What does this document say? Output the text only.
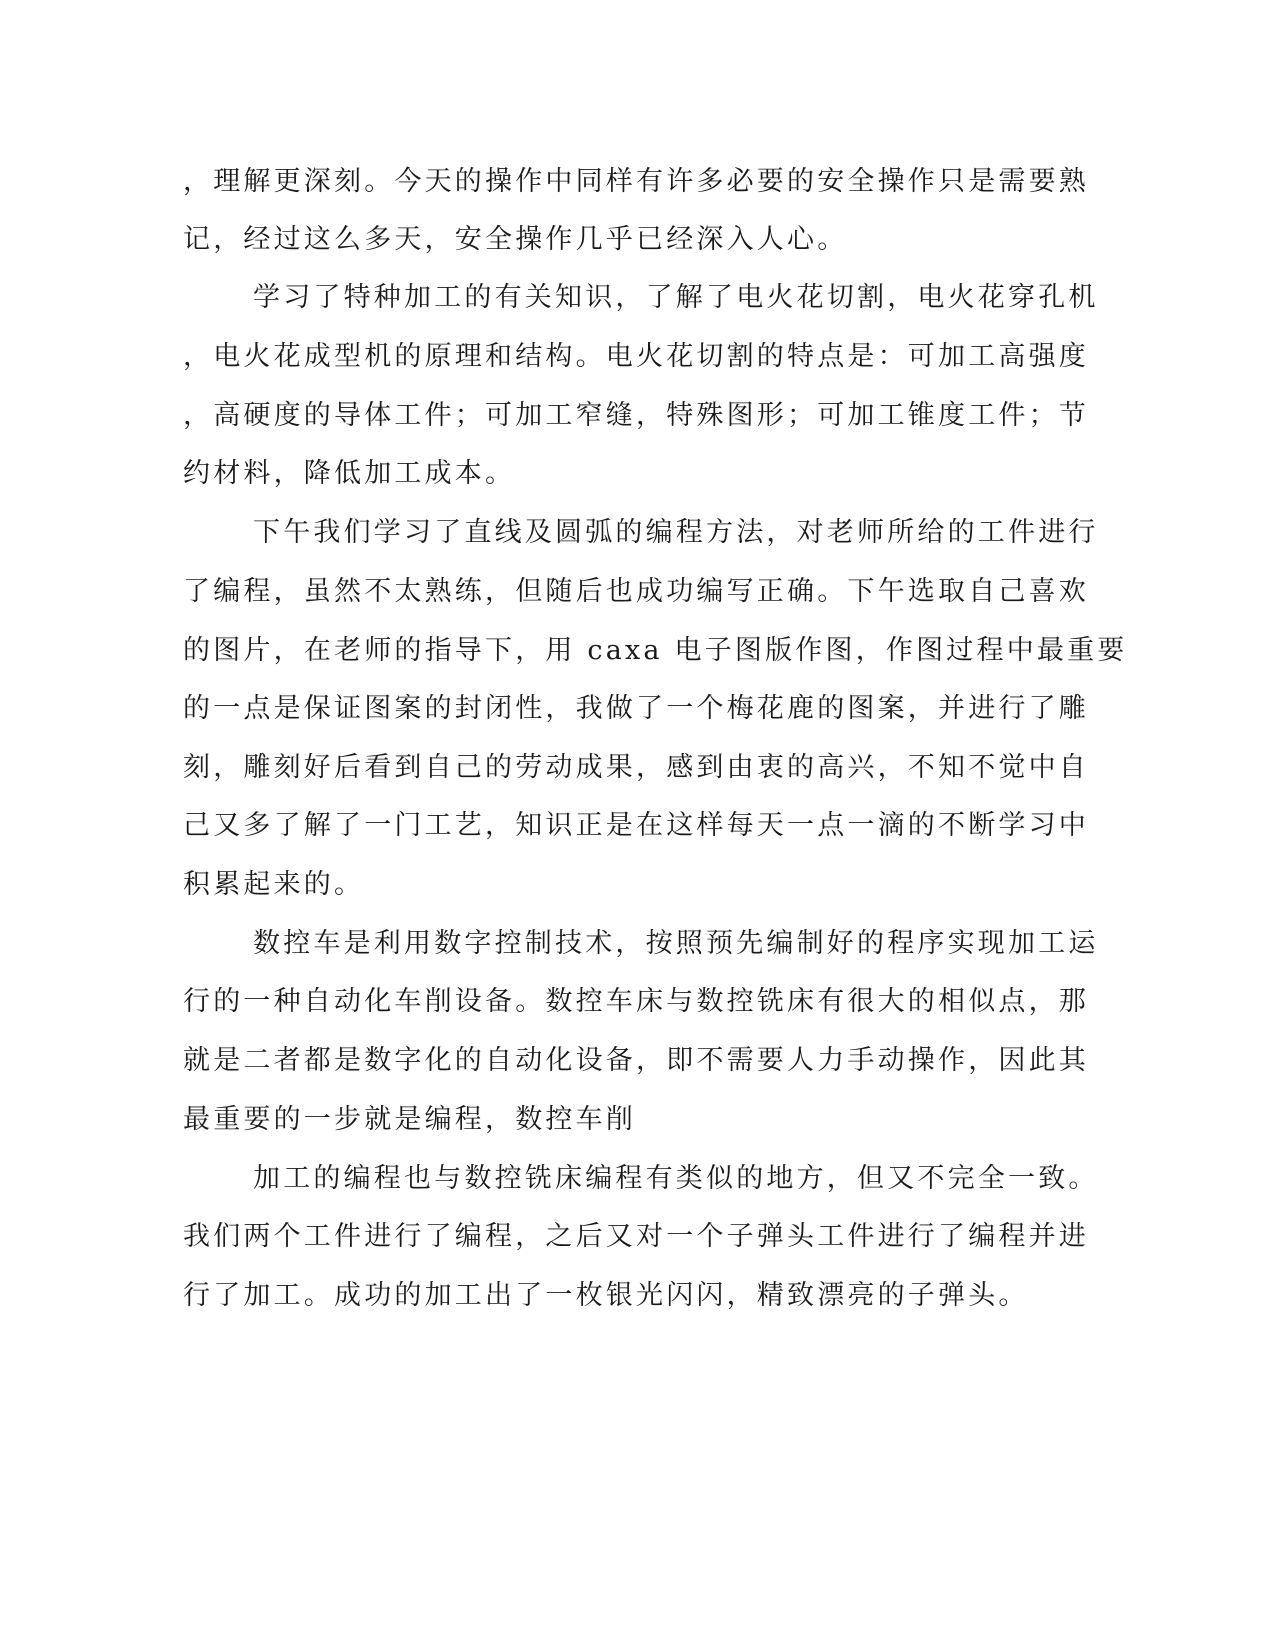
，理解更深刻。今天的操作中同样有许多必要的安全操作只是需要熟
记，经过这么多天，安全操作几乎已经深入人心。
学习了特种加工的有关知识，了解了电火花切割，电火花穿孔机
，电火花成型机的原理和结构。电火花切割的特点是：可加工高强度
，高硬度的导体工件；可加工窄缝，特殊图形；可加工锥度工件；节
约材料，降低加工成本。
下午我们学习了直线及圆弧的编程方法，对老师所给的工件进行
了编程，虽然不太熟练，但随后也成功编写正确。下午选取自己喜欢
的图片，在老师的指导下，用 caxa 电子图版作图，作图过程中最重要
的一点是保证图案的封闭性，我做了一个梅花鹿的图案，并进行了雕
刻，雕刻好后看到自己的劳动成果，感到由衷的高兴，不知不觉中自
己又多了解了一门工艺，知识正是在这样每天一点一滴的不断学习中
积累起来的。
数控车是利用数字控制技术，按照预先编制好的程序实现加工运
行的一种自动化车削设备。数控车床与数控铣床有很大的相似点，那
就是二者都是数字化的自动化设备，即不需要人力手动操作，因此其
最重要的一步就是编程，数控车削
加工的编程也与数控铣床编程有类似的地方，但又不完全一致。
我们两个工件进行了编程，之后又对一个子弹头工件进行了编程并进
行了加工。成功的加工出了一枚银光闪闪，精致漂亮的子弹头。
